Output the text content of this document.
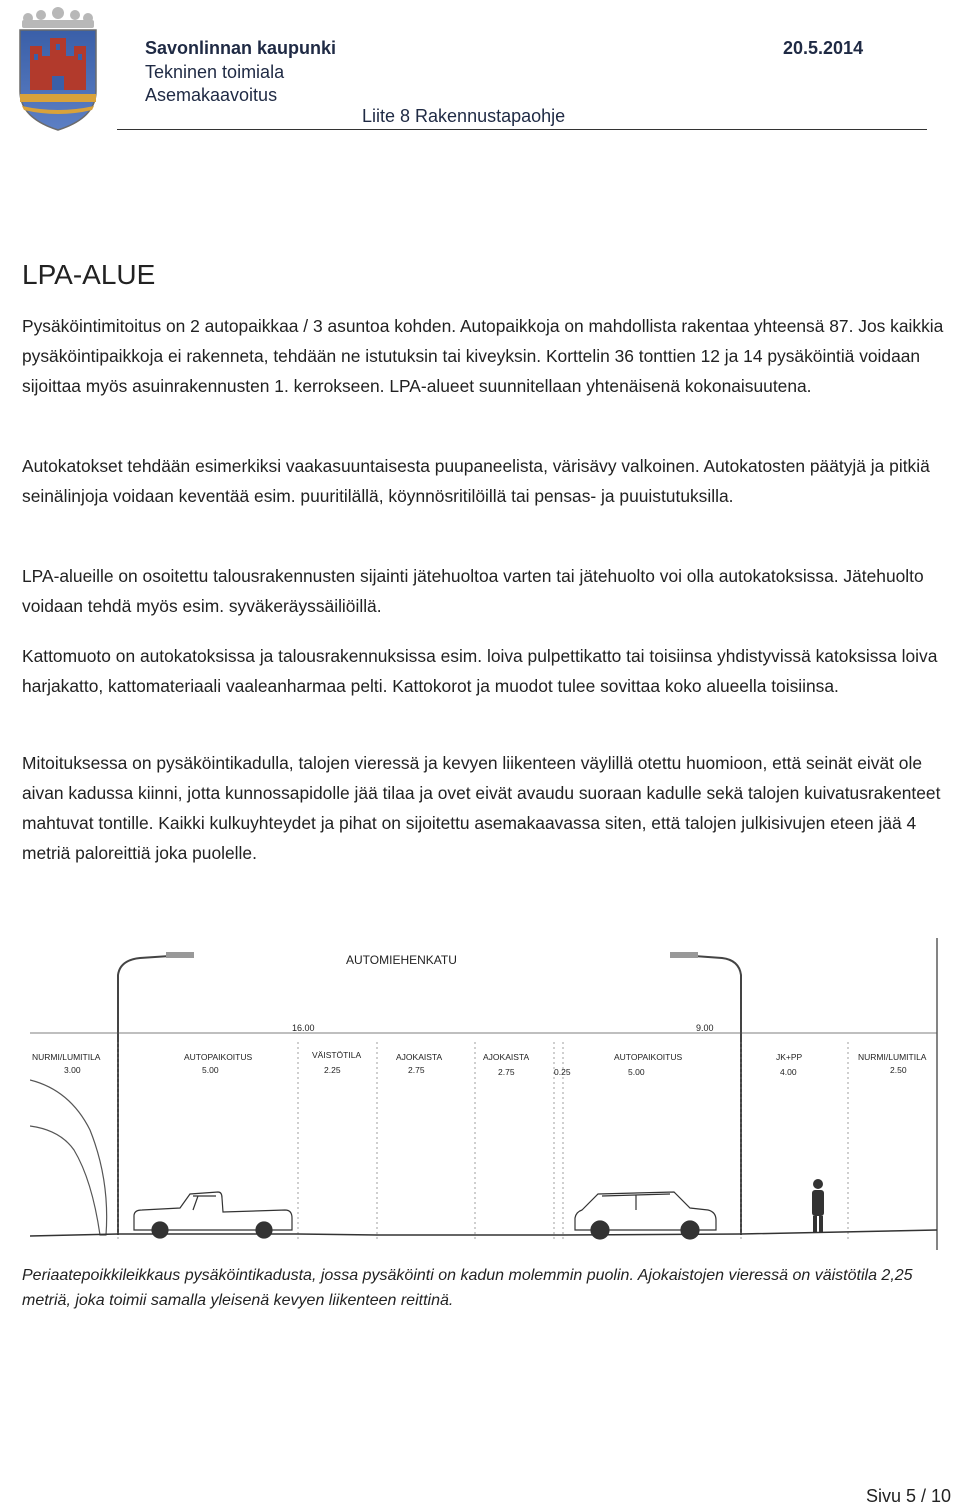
Savonlinnan kaupunki	20.5.2014
Tekninen toimiala
Asemakaavoitus
Liite 8 Rakennustapaohje
LPA-ALUE
Pysäköintimitoitus on 2 autopaikkaa / 3 asuntoa kohden. Autopaikkoja on mahdollista rakentaa yhteensä 87. Jos kaikkia pysäköintipaikkoja ei rakenneta, tehdään ne istutuksin tai kiveyksin. Korttelin 36 tonttien 12 ja 14 pysäköintiä voidaan sijoittaa myös asuinrakennusten 1. kerrokseen. LPA-alueet suunnitellaan yhtenäisenä kokonaisuutena.
Autokatokset tehdään esimerkiksi vaakasuuntaisesta puupaneelista, värisävy valkoinen. Autokatosten päätyjä ja pitkiä seinälinjoja voidaan keventää esim. puuritilällä, köynnösritilöillä tai pensas- ja puuistutuksilla.
LPA-alueille on osoitettu talousrakennusten sijainti jätehuoltoa varten tai jätehuolto voi olla autokatoksissa. Jätehuolto voidaan tehdä myös esim. syväkeräyssäiliöillä.
Kattomuoto on autokatoksissa ja talousrakennuksissa esim. loiva pulpettikatto tai toisiinsa yhdistyvissä katoksissa loiva harjakatto, kattomateriaali vaaleanharmaa pelti. Kattokorot ja muodot tulee sovittaa koko alueella toisiinsa.
Mitoituksessa on pysäköintikadulla, talojen vieressä ja kevyen liikenteen väylillä otettu huomioon, että seinät eivät ole aivan kadussa kiinni, jotta kunnossapidolle jää tilaa ja ovet eivät avaudu suoraan kadulle sekä talojen kuivatusrakenteet mahtuvat tontille. Kaikki kulkuyhteydet ja pihat on sijoitettu asemakaavassa siten, että talojen julkisivujen eteen jää 4 metriä paloreittiä joka puolelle.
AUTOMIEHENKATU
16.00	9.00
NURMI/LUMITILA
3.00
AUTOPAIKOITUS
5.00
VÄISTÖTILA
2.25
AJOKAISTA
2.75
AJOKAISTA
2.75	0.25
AUTOPAIKOITUS
5.00
JK+PP
4.00
NURMI/LUMITILA
2.50
Periaatepoikkileikkaus pysäköintikadusta, jossa pysäköinti on kadun molemmin puolin. Ajokaistojen vieressä on väistötila 2,25 metriä, joka toimii samalla yleisenä kevyen liikenteen reittinä.
Sivu 5 / 10
